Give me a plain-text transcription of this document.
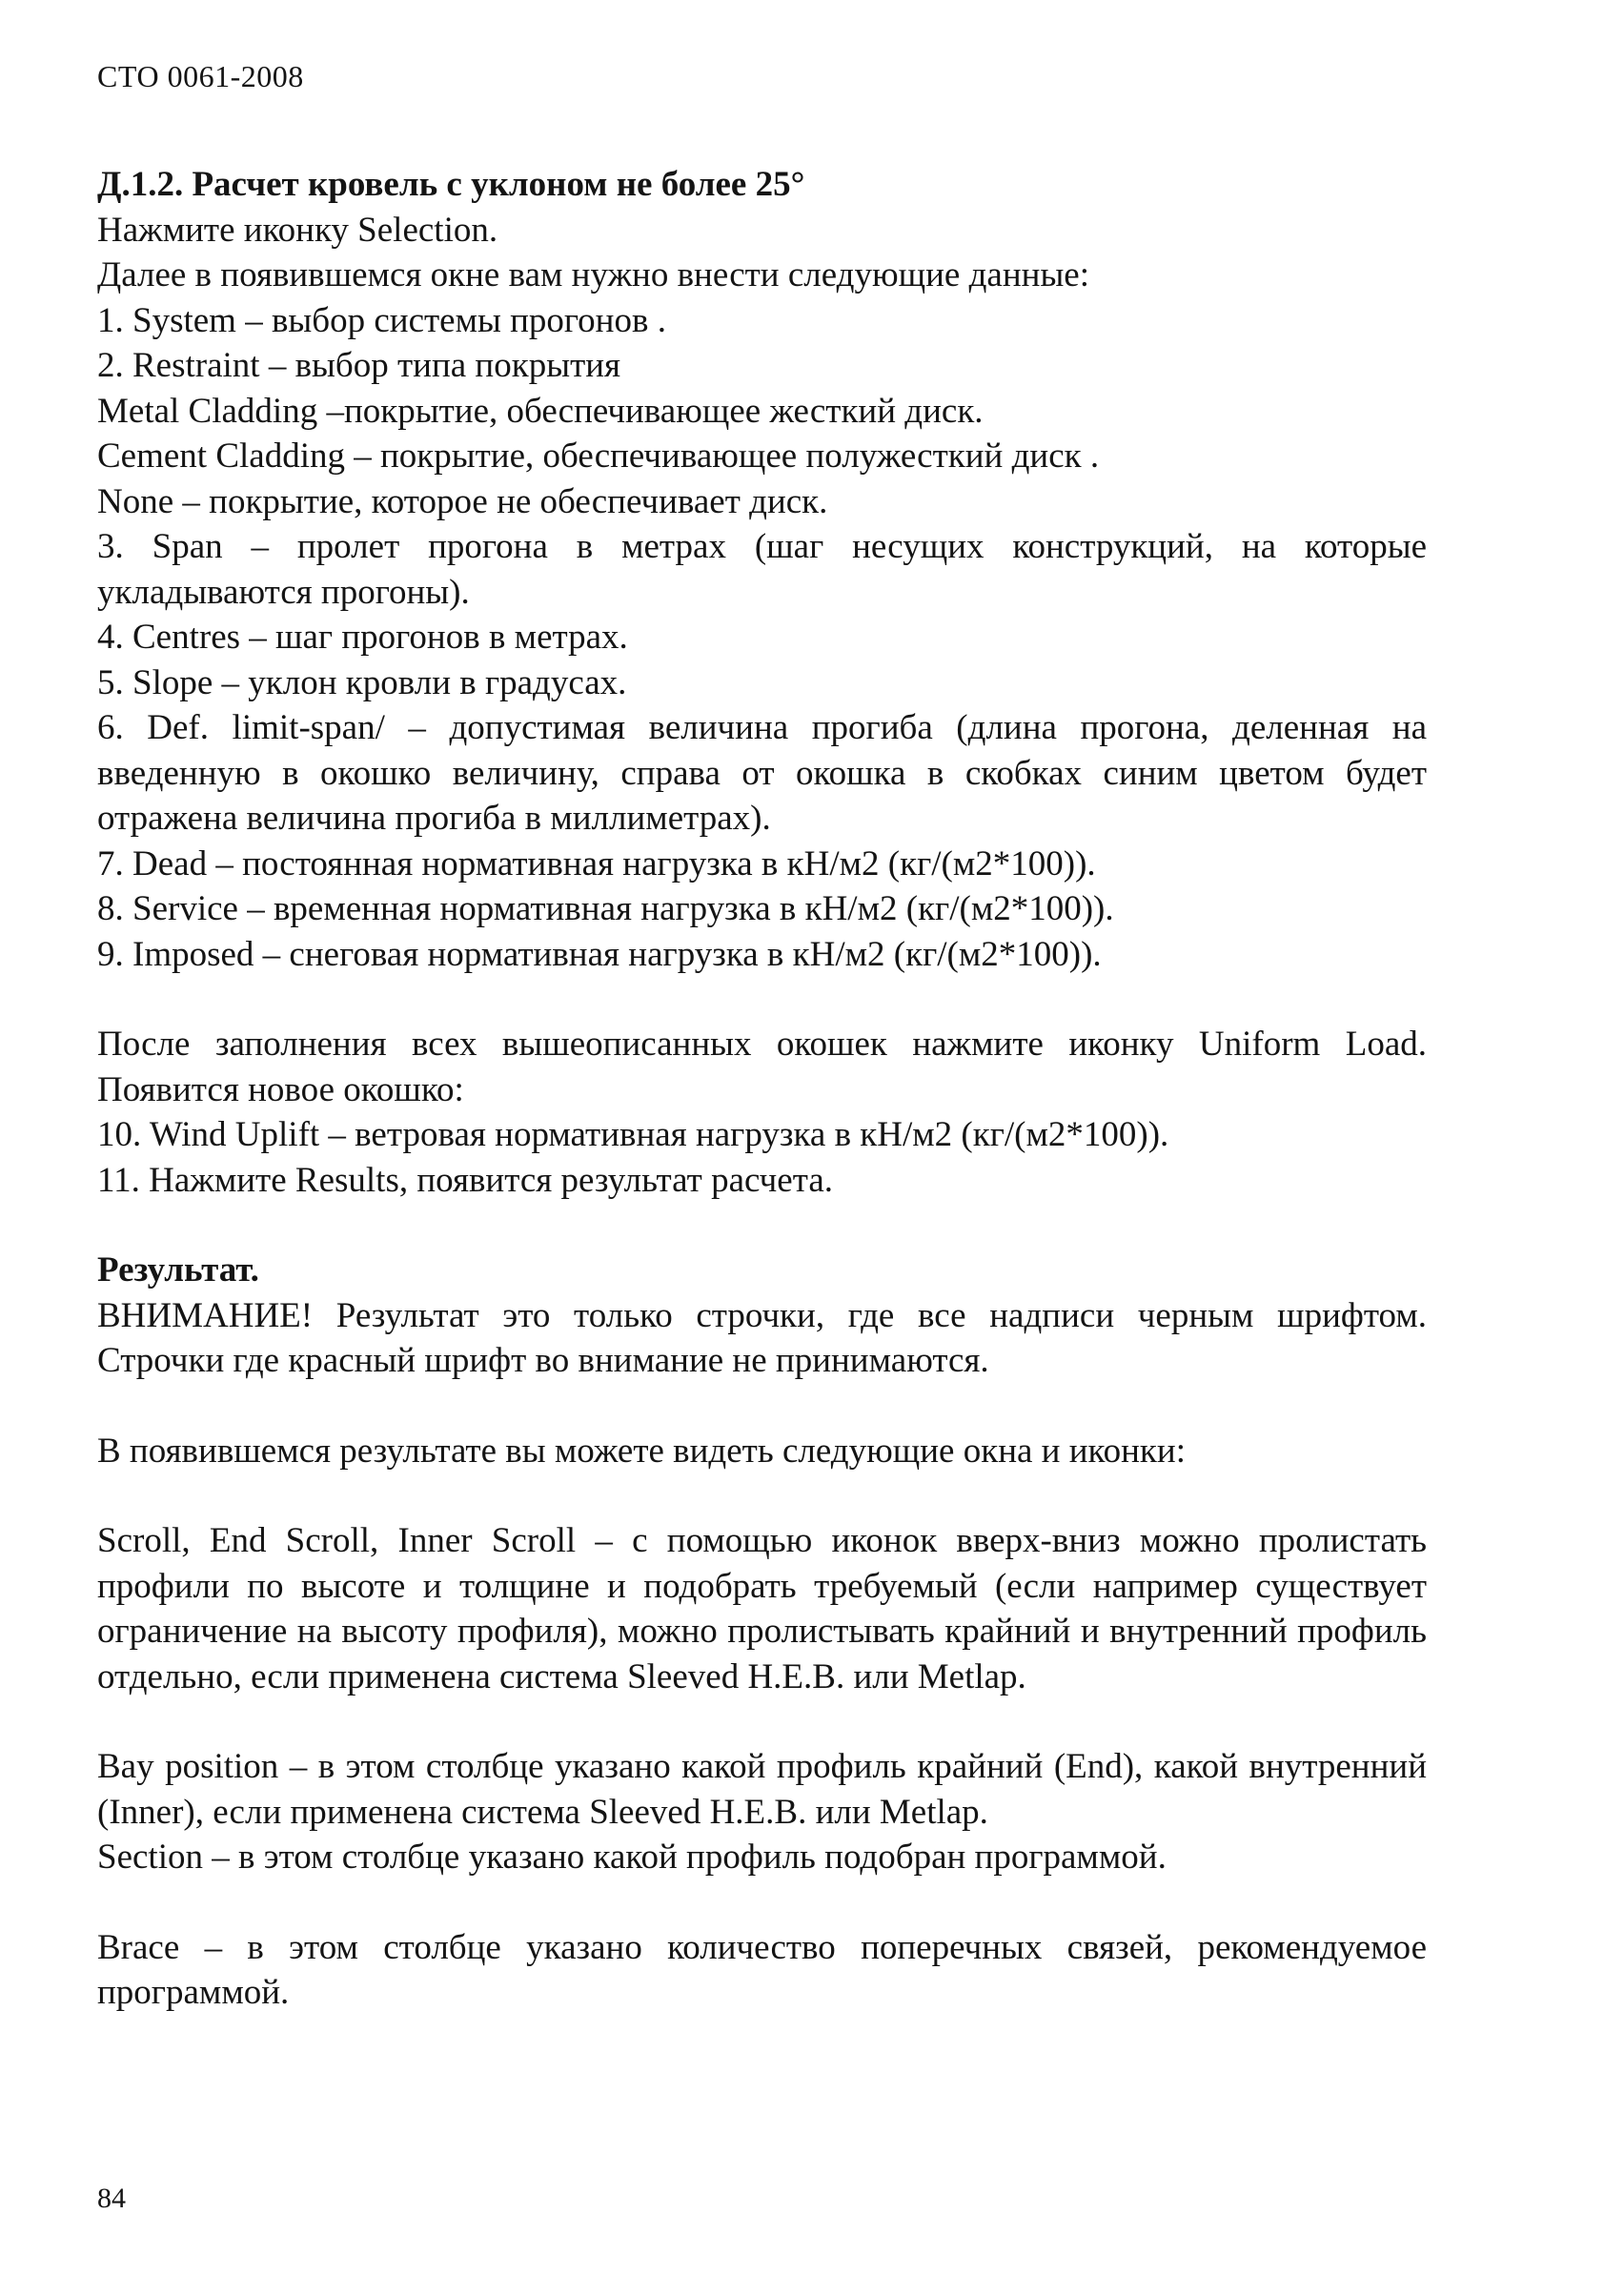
СТО 0061-2008

Д.1.2. Расчет кровель с уклоном не более 25°

Нажмите иконку Selection.

Далее в появившемся окне вам нужно внести следующие данные:

1. System – выбор системы прогонов .

2. Restraint – выбор типа покрытия

Metal Cladding –покрытие, обеспечивающее жесткий диск.

Cement Cladding – покрытие, обеспечивающее полужесткий диск .

None – покрытие, которое не обеспечивает диск.

3. Span – пролет прогона в метрах (шаг несущих конструкций, на которые укладываются прогоны).

4. Centres – шаг прогонов в метрах.

5. Slope – уклон кровли в градусах.

6. Def. limit-span/ – допустимая величина прогиба (длина прогона, деленная на введенную в окошко величину, справа от окошка в скобках синим цветом будет отражена величина прогиба в миллиметрах).

7. Dead – постоянная нормативная нагрузка в кН/м2 (кг/(м2*100)).

8. Service – временная нормативная нагрузка в кН/м2 (кг/(м2*100)).

9. Imposed – снеговая нормативная нагрузка в кН/м2 (кг/(м2*100)).

После заполнения всех вышеописанных окошек нажмите иконку Uniform Load. Появится новое окошко:

10. Wind Uplift – ветровая нормативная нагрузка в кН/м2 (кг/(м2*100)).

11. Нажмите Results, появится результат расчета.

Результат.

ВНИМАНИЕ! Результат это только строчки, где все надписи черным шрифтом. Строчки где красный шрифт во внимание не принимаются.

В появившемся результате вы можете видеть следующие окна и иконки:

Scroll, End Scroll, Inner Scroll – с помощью иконок вверх-вниз можно пролистать профили по высоте и толщине и подобрать требуемый (если например существует ограничение на высоту профиля), можно пролистывать крайний и внутренний профиль отдельно, если применена система Sleeved H.E.B. или Metlap.

Bay position – в этом столбце указано какой профиль крайний (End), какой внутренний (Inner), если применена система Sleeved H.E.B. или Metlap.

Section – в этом столбце указано какой профиль подобран программой.

Brace – в этом столбце указано количество поперечных связей, рекомендуемое программой.

84
